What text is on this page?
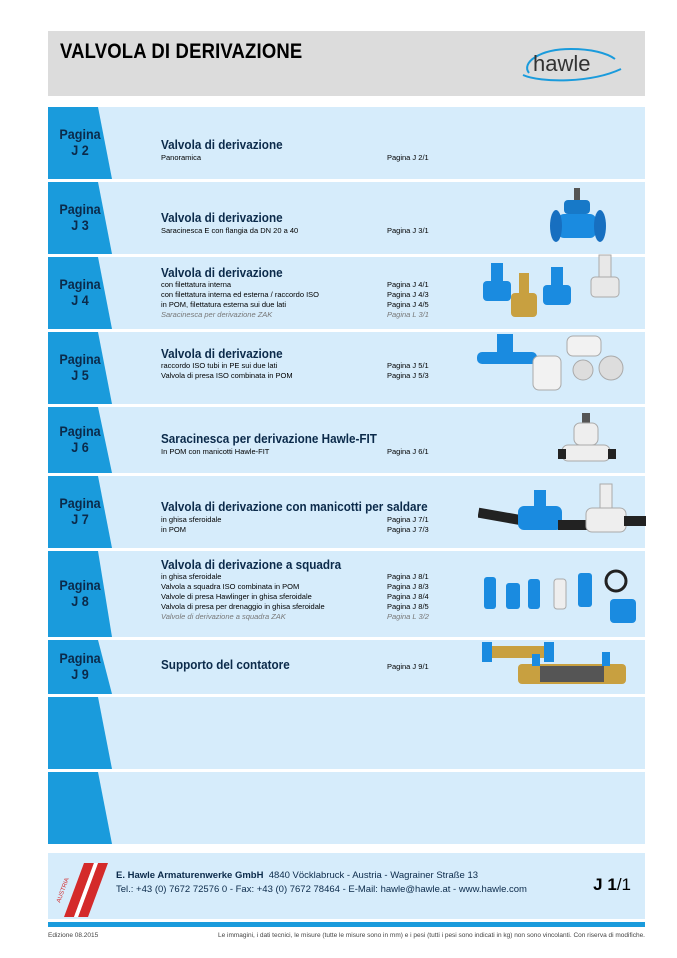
VALVOLA DI DERIVAZIONE	hawle
Pagina
J 2	Valvola di derivazione
Panoramica	Pagina J 2/1
Pagina
J 3	Valvola di derivazione
Saracinesca E con flangia da DN 20 a 40	Pagina J 3/1
Pagina
J 4
Valvola di derivazione
con filettatura interna	Pagina J 4/1
con filettatura interna ed esterna / raccordo ISO	Pagina J 4/3
in POM, filettatura esterna sui due lati	Pagina J 4/5
Saracinesca per derivazione ZAK	Pagina L 3/1
Pagina
J 5
Valvola di derivazione
raccordo ISO tubi in PE sui due lati	Pagina J 5/1
Valvola di presa ISO combinata in POM	Pagina J 5/3
Pagina
J 6
Saracinesca per derivazione Hawle-FIT
In POM con manicotti Hawle-FIT	Pagina J 6/1
Pagina
J 7
Valvola di derivazione con manicotti per saldare
in ghisa sferoidale	Pagina J 7/1
in POM	Pagina J 7/3
Pagina
J 8
Valvola di derivazione a squadra
in ghisa sferoidale	Pagina J 8/1
Valvola a squadra ISO combinata in POM	Pagina J 8/3
Valvole di presa Hawlinger in ghisa sferoidale	Pagina J 8/4
Valvola di presa per drenaggio in ghisa sferoidale	Pagina J 8/5
Valvole di derivazione a squadra ZAK	Pagina L 3/2
Pagina
J 9
Supporto del contatore	Pagina J 9/1
AUSTRIA
E. Hawle Armaturenwerke GmbH 4840 Vöcklabruck - Austria - Wagrainer Straße 13
Tel.: +43 (0) 7672 72576 0 - Fax: +43 (0) 7672 78464 - E-Mail: hawle@hawle.at - www.hawle.com	J 1/1
Edizione 08.2015	Le immagini, i dati tecnici, le misure (tutte le misure sono in mm) e i pesi (tutti i pesi sono indicati in kg) non sono vincolanti. Con riserva di modifiche.
